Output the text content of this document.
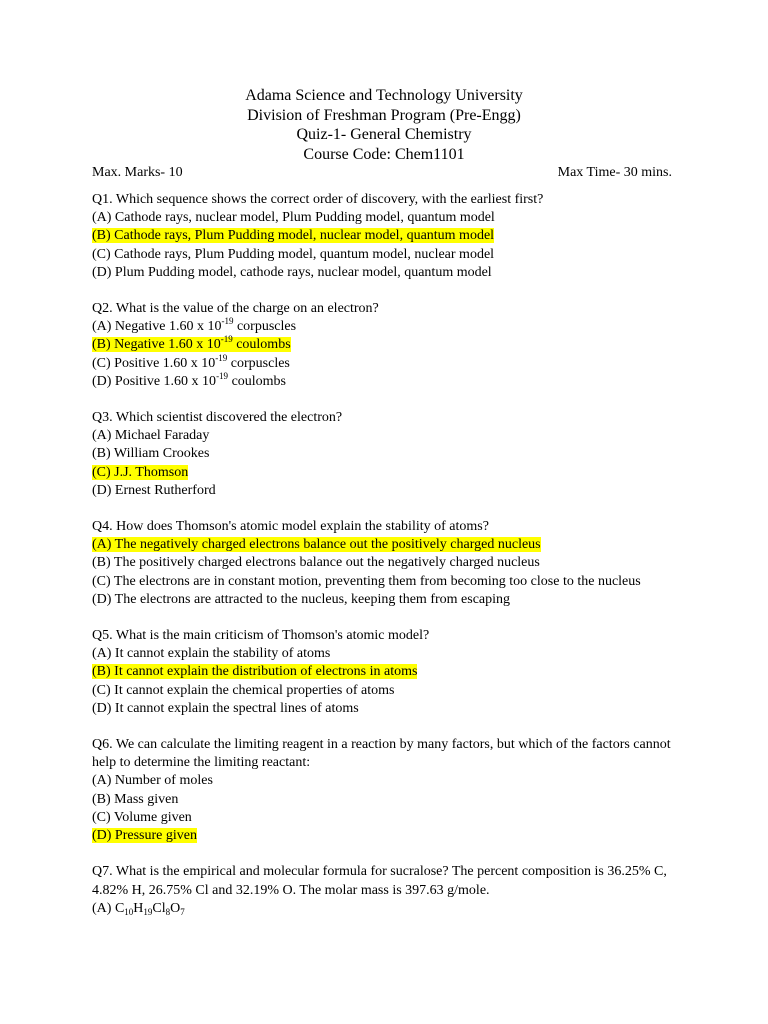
Adama Science and Technology University
Division of Freshman Program (Pre-Engg)
Quiz-1- General Chemistry
Course Code: Chem1101
Max. Marks- 10	Max Time- 30 mins.
Q1. Which sequence shows the correct order of discovery, with the earliest first?
(A) Cathode rays, nuclear model, Plum Pudding model, quantum model
(B) Cathode rays, Plum Pudding model, nuclear model, quantum model
(C) Cathode rays, Plum Pudding model, quantum model, nuclear model
(D) Plum Pudding model, cathode rays, nuclear model, quantum model
Q2. What is the value of the charge on an electron?
(A) Negative 1.60 x $10^{-19}$ corpuscles
(B) Negative 1.60 x $10^{-19}$ coulombs
(C) Positive 1.60 x $10^{-19}$ corpuscles
(D) Positive 1.60 x $10^{-19}$ coulombs
Q3. Which scientist discovered the electron?
(A) Michael Faraday
(B) William Crookes
(C) J.J. Thomson
(D) Ernest Rutherford
Q4. How does Thomson's atomic model explain the stability of atoms?
(A) The negatively charged electrons balance out the positively charged nucleus
(B) The positively charged electrons balance out the negatively charged nucleus
(C) The electrons are in constant motion, preventing them from becoming too close to the nucleus
(D) The electrons are attracted to the nucleus, keeping them from escaping
Q5. What is the main criticism of Thomson's atomic model?
(A) It cannot explain the stability of atoms
(B) It cannot explain the distribution of electrons in atoms
(C) It cannot explain the chemical properties of atoms
(D) It cannot explain the spectral lines of atoms
Q6. We can calculate the limiting reagent in a reaction by many factors, but which of the factors cannot help to determine the limiting reactant:
(A) Number of moles
(B) Mass given
(C) Volume given
(D) Pressure given
Q7. What is the empirical and molecular formula for sucralose? The percent composition is 36.25% C, 4.82% H, 26.75% Cl and 32.19% O. The molar mass is 397.63 g/mole.
(A) $C_{10}H_{19}Cl_8O_7$
